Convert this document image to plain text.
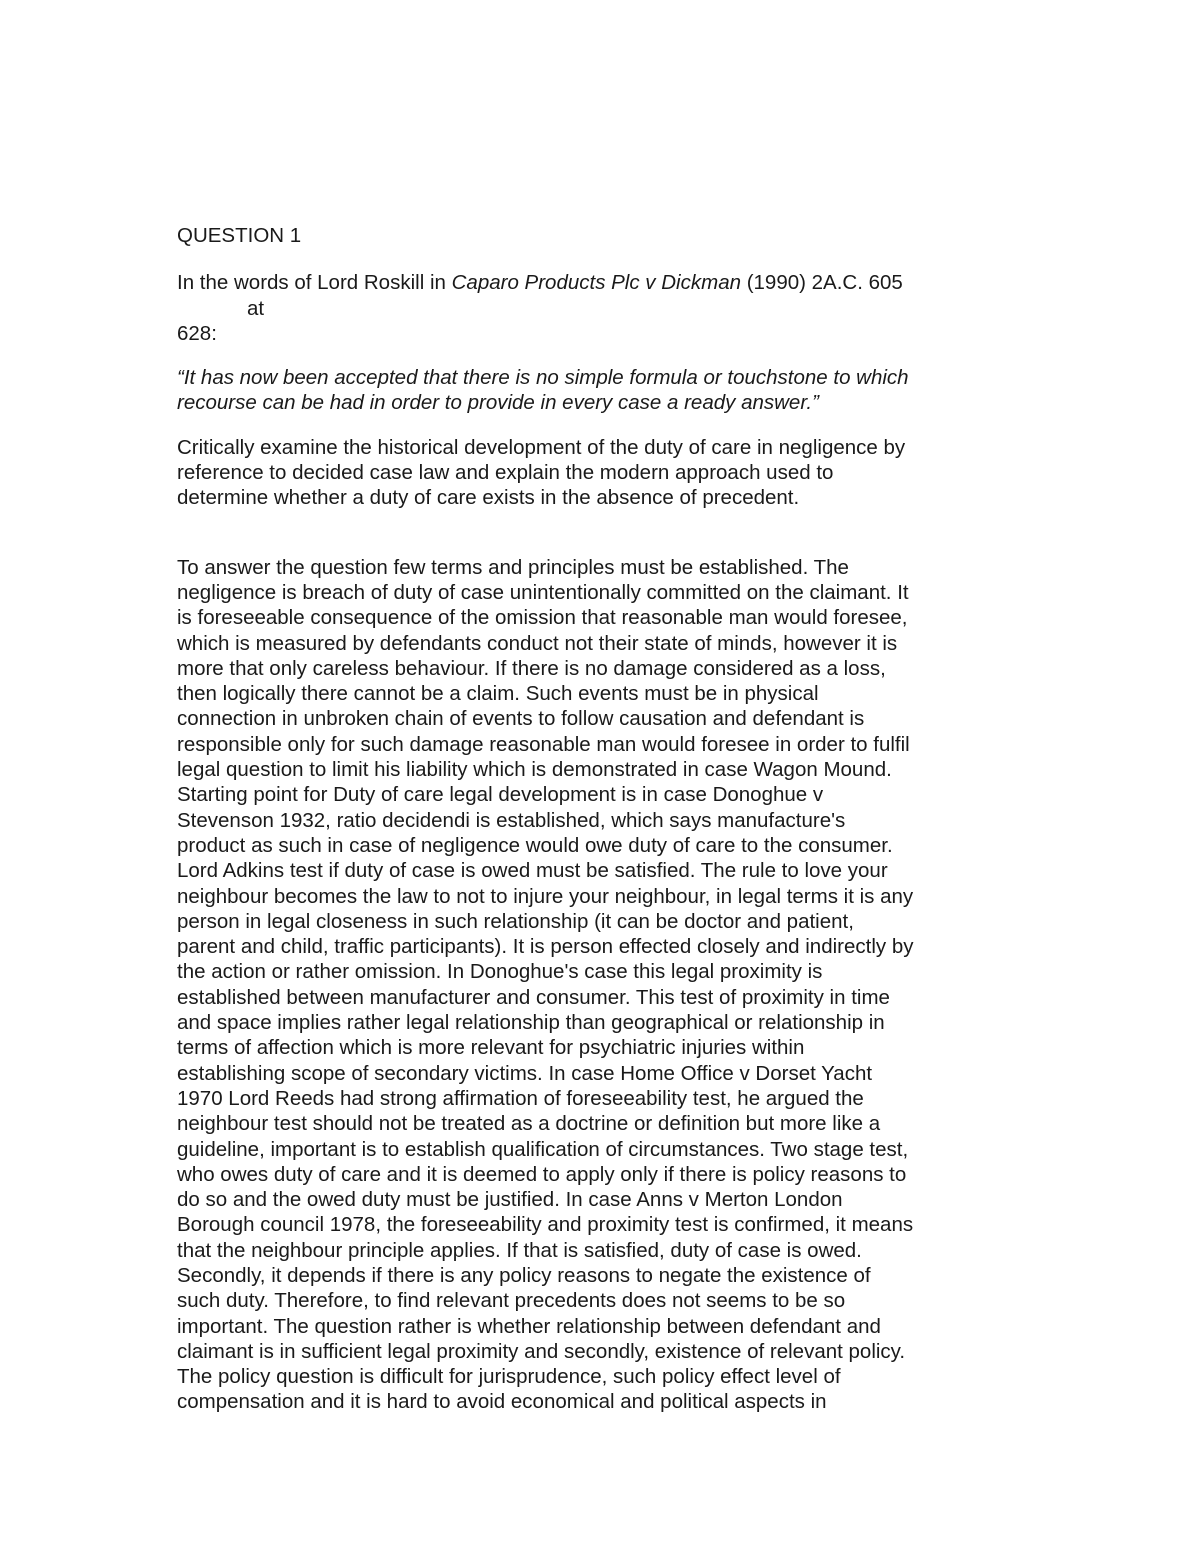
QUESTION 1
In the words of Lord Roskill in Caparo Products Plc v Dickman (1990) 2A.C. 605
at
628:
“It has now been accepted that there is no simple formula or touchstone to which
recourse can be had in order to provide in every case a ready answer.”
Critically examine the historical development of the duty of care in negligence by
reference to decided case law and explain the modern approach used to
determine whether a duty of care exists in the absence of precedent.
To answer the question few terms and principles must be established. The
negligence is breach of duty of case unintentionally committed on the claimant. It
is foreseeable consequence of the omission that reasonable man would foresee,
which is measured by defendants conduct not their state of minds, however it is
more that only careless behaviour. If there is no damage considered as a loss,
then logically there cannot be a claim. Such events must be in physical
connection in unbroken chain of events to follow causation and defendant is
responsible only for such damage reasonable man would foresee in order to fulfil
legal question to limit his liability which is demonstrated in case Wagon Mound.
Starting point for Duty of care legal development is in case Donoghue v
Stevenson 1932, ratio decidendi is established, which says manufacture's
product as such in case of negligence would owe duty of care to the consumer.
Lord Adkins test if duty of case is owed must be satisfied. The rule to love your
neighbour becomes the law to not to injure your neighbour, in legal terms it is any
person in legal closeness in such relationship (it can be doctor and patient,
parent and child, traffic participants). It is person effected closely and indirectly by
the action or rather omission. In Donoghue's case this legal proximity is
established between manufacturer and consumer. This test of proximity in time
and space implies rather legal relationship than geographical or relationship in
terms of affection which is more relevant for psychiatric injuries within
establishing scope of secondary victims. In case Home Office v Dorset Yacht
1970 Lord Reeds had strong affirmation of foreseeability test, he argued the
neighbour test should not be treated as a doctrine or definition but more like a
guideline, important is to establish qualification of circumstances. Two stage test,
who owes duty of care and it is deemed to apply only if there is policy reasons to
do so and the owed duty must be justified. In case Anns v Merton London
Borough council 1978, the foreseeability and proximity test is confirmed, it means
that the neighbour principle applies. If that is satisfied, duty of case is owed.
Secondly, it depends if there is any policy reasons to negate the existence of
such duty. Therefore, to find relevant precedents does not seems to be so
important. The question rather is whether relationship between defendant and
claimant is in sufficient legal proximity and secondly, existence of relevant policy.
The policy question is difficult for jurisprudence, such policy effect level of
compensation and it is hard to avoid economical and political aspects in
